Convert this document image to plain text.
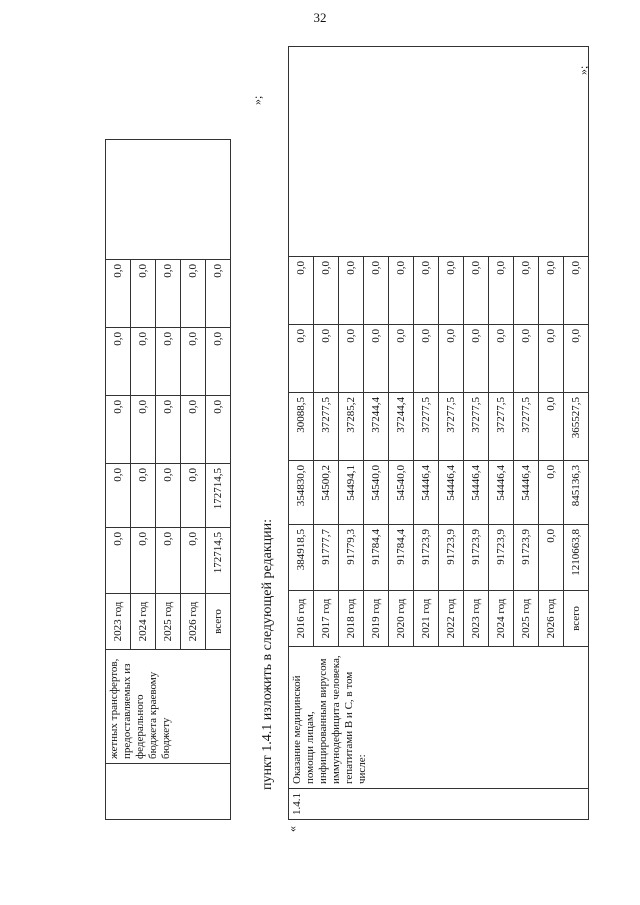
32
	жетных трансфертов, предоставляемых из федерального бюджета краевому бюджету	2023 год	0,0	0,0	0,0	0,0	0,0	
		2024 год	0,0	0,0	0,0	0,0	0,0	
		2025 год	0,0	0,0	0,0	0,0	0,0	
		2026 год	0,0	0,0	0,0	0,0	0,0	
		всего	172714,5	172714,5	0,0	0,0	0,0	
»;
пункт 1.4.1 изложить в следующей редакции:
«
1.4.1	Оказание медицинской помощи лицам, инфицированным вирусом иммунодефицита человека, гепатитами В и С, в том числе:	2016 год	384918,5	354830,0	30088,5	0,0	0,0	
		2017 год	91777,7	54500,2	37277,5	0,0	0,0	
		2018 год	91779,3	54494,1	37285,2	0,0	0,0	
		2019 год	91784,4	54540,0	37244,4	0,0	0,0	
		2020 год	91784,4	54540,0	37244,4	0,0	0,0	
		2021 год	91723,9	54446,4	37277,5	0,0	0,0	
		2022 год	91723,9	54446,4	37277,5	0,0	0,0	
		2023 год	91723,9	54446,4	37277,5	0,0	0,0	
		2024 год	91723,9	54446,4	37277,5	0,0	0,0	
		2025 год	91723,9	54446,4	37277,5	0,0	0,0	
		2026 год	0,0	0,0	0,0	0,0	0,0	
		всего	1210663,8	845136,3	365527,5	0,0	0,0	
»;
